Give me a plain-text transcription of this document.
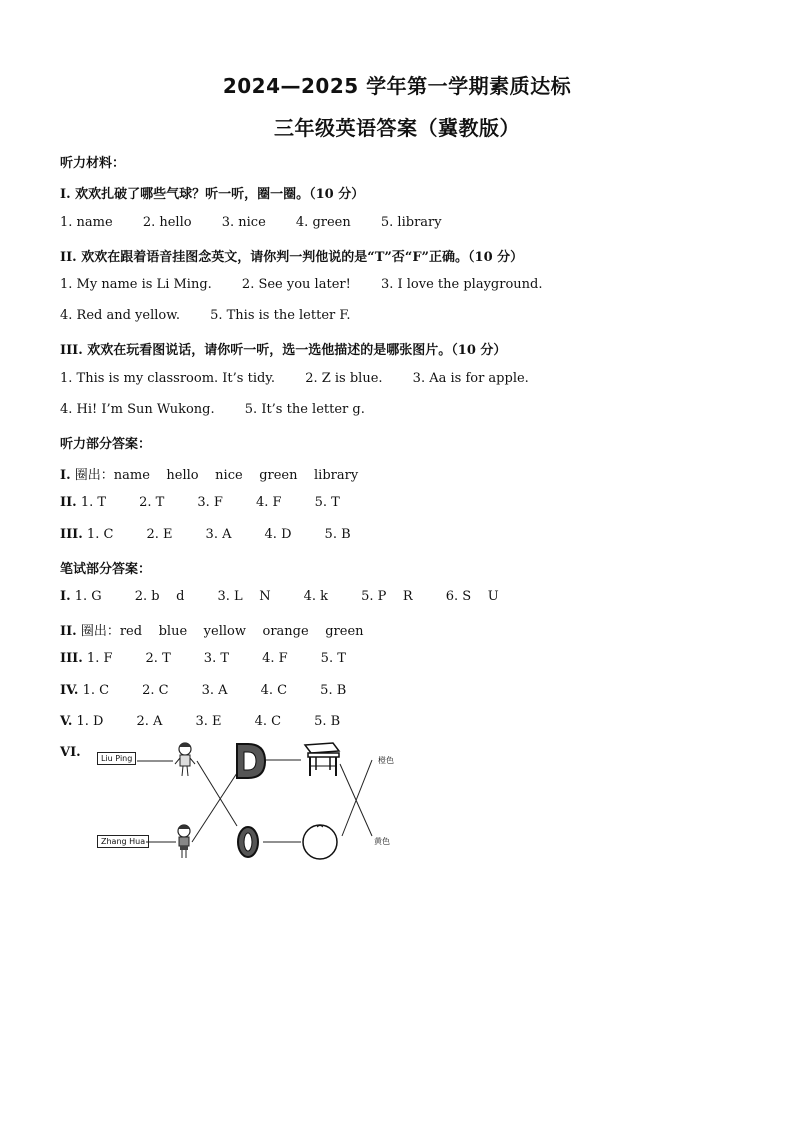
2024—2025 学年第一学期素质达标
三年级英语答案（冀教版）
听力材料：
I. 欢欢扎破了哪些气球？听一听，圈一圈。（10 分）
1. name 2. hello 3. nice 4. green 5. library
II. 欢欢在跟着语音挂图念英文，请你判一判他说的是“T”否“F”正确。（10 分）
1. My name is Li Ming. 2. See you later! 3. I love the playground.
4. Red and yellow. 5. This is the letter F.
III. 欢欢在玩看图说话，请你听一听，选一选他描述的是哪张图片。（10 分）
1. This is my classroom. It’s tidy. 2. Z is blue. 3. Aa is for apple.
4. Hi! I’m Sun Wukong. 5. It’s the letter g.
听力部分答案：
I. 圈出：name    hello    nice    green    library
II. 1. T        2. T        3. F        4. F        5. T
III. 1. C        2. E        3. A        4. D        5. B
笔试部分答案：
I. 1. G        2. b    d        3. L    N        4. k        5. P    R        6. S    U
II. 圈出：red    blue    yellow    orange    green
III. 1. F        2. T        3. T        4. F        5. T
IV. 1. C        2. C        3. A        4. C        5. B
V. 1. D        2. A        3. E        4. C        5. B
VI.	Liu Ping
Zhang Hua
橙色
黄色
